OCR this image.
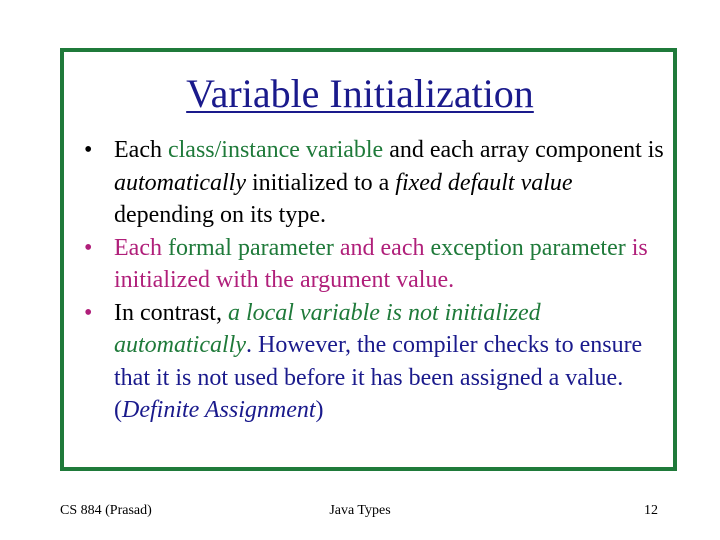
Variable Initialization
• Each class/instance variable and each array component is automatically initialized to a fixed default value depending on its type.
• Each formal parameter and each exception parameter is initialized with the argument value.
• In contrast, a local variable is not initialized automatically. However, the compiler checks to ensure that it is not used before it has been assigned a value. (Definite Assignment)
CS 884 (Prasad)	Java Types	12
